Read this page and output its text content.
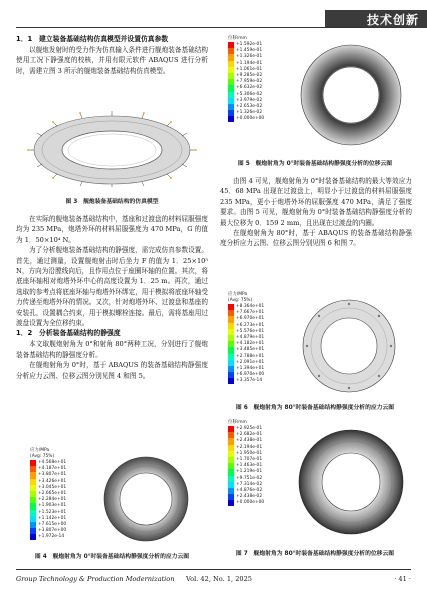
技术创新
1．1　建立装备基础结构仿真模型并设置仿真参数

以舰炮发射时的受力作为仿真输入条件进行舰炮装备基础结构使用工况下静强度的校核，并用有限元软件 ABAQUS 进行分析时，需建立图 3 所示的舰炮装备基础结构仿真模型。

图 3　舰炮装备基础结构的仿真模型

在实际的舰炮装备基础结构中，基座和过渡盘的材料屈服强度均为 235 MPa，炮塔外环的材料屈服强度为 470 MPa，G 的值为 1．50×10⁴ N。

为了分析舰炮装备基础结构的静强度，需完成仿真参数设置。首先，通过测量，设置舰炮射击时后坐力 F 的值为 1．25×10⁵ N，方向为沿膛线向后，且作用点位于座圈环轴的位置。其次，将底座环轴相对炮塔外环中心的高度设置为 1．25 m。再次，通过选取的参考点将底座环轴与炮塔外环绑定，用于模拟将底座环轴受力传递至炮塔外环的情况。又次，针对炮塔外环、过渡盘和基座的安装孔，设置耦合约束，用于模拟螺栓连接。最后，需将基座用过渡盘设置为全位移约束。

1．2　分析装备基础结构的静强度

本文取舰炮射角为 0°和射角 80°两种工况，分别进行了舰炮装备基础结构的静强度分析。

在舰炮射角为 0°时，基于 ABAQUS 的装备基础结构静强度分析应力云图、位移云图分别见图 4 和图 5。

应力/MPa
(Avg: 75%)
+4.568e+01
+4.187e+01
+3.807e+01
+3.426e+01
+3.045e+01
+2.665e+01
+2.284e+01
+1.903e+01
+1.523e+01
+1.142e+01
+7.615e+00
+3.807e+00
+1.972e-14
图 4　舰炮射角为 0°时装备基础结构静强度分析的应力云图
位移/mm
+1.592e-01
+1.459e-01
+1.326e-01
+1.194e-01
+1.061e-01
+9.285e-02
+7.959e-02
+6.632e-02
+5.306e-02
+3.979e-02
+2.653e-02
+1.326e-02
+0.000e+00
图 5　舰炮射角为 0°时装备基础结构静强度分析的位移云图

由图 4 可见，舰炮射角为 0°时装备基础结构的最大等效应力 45．68 MPa 出现在过渡盘上，明显小于过渡盘的材料屈服强度 235 MPa，更小于炮塔外环的屈服强度 470 MPa，满足了强度要求。由图 5 可见，舰炮射角为 0°时装备基础结构静强度分析的最大位移为 0．159 2 mm，且出现在过渡盘的内圈。

在舰炮射角为 80°时，基于 ABAQUS 的装备基础结构静强度分析应力云图、位移云图分别见图 6 和图 7。

应力/MPa
(Avg: 75%)
+8.364e+01
+7.667e+01
+6.970e+01
+6.273e+01
+5.576e+01
+4.879e+01
+4.182e+01
+3.485e+01
+2.788e+01
+2.091e+01
+1.394e+01
+6.970e+00
+3.357e-14
图 6　舰炮射角为 80°时装备基础结构静强度分析的应力云图
位移/mm
+2.925e-01
+2.682e-01
+2.438e-01
+2.194e-01
+1.950e-01
+1.707e-01
+1.463e-01
+1.219e-01
+9.751e-02
+7.314e-02
+4.876e-02
+2.438e-02
+0.000e+00
图 7　舰炮射角为 80°时装备基础结构静强度分析的位移云图
Group Technology & Production Modernization Vol. 42, No. 1, 2025	· 41 ·
